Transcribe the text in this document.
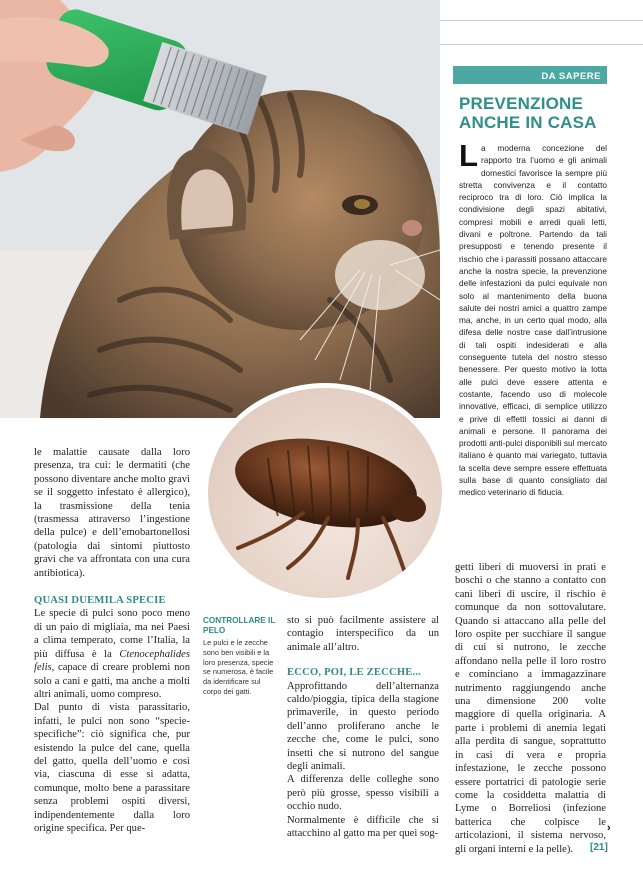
DA SAPERE
PREVENZIONE
ANCHE IN CASA
La moderna concezione del rapporto tra l’uomo e gli animali domestici favorisce la sempre più stretta convivenza e il contatto reciproco tra di loro. Ciò implica la condivisione degli spazi abitativi, compresi mobili e arredi quali letti, divani e poltrone. Partendo da tali presupposti e tenendo presente il rischio che i parassiti possano attaccare anche la nostra specie, la prevenzione delle infestazioni da pulci equivale non solo al mantenimento della buona salute dei nostri amici a quattro zampe ma, anche, in un certo qual modo, alla difesa delle nostre case dall’intrusione di tali ospiti indesiderati e alla conseguente tutela del nostro stesso benessere. Per questo motivo la lotta alle pulci deve essere attenta e costante, facendo uso di molecole innovative, efficaci, di semplice utilizzo e prive di effetti tossici ai danni di animali e persone. Il panorama dei prodotti anti-pulci disponibili sul mercato italiano è quanto mai variegato, tuttavia la scelta deve sempre essere effettuata sulla base di quanto consigliato dal medico veterinario di fiducia.

le malattie causate dalla loro presenza, tra cui: le dermatiti (che possono diventare anche molto gravi se il soggetto infestato è allergico), la trasmissione della tenia (trasmessa attraverso l’ingestione della pulce) e dell’emobartonellosi (patologia dai sintomi piuttosto gravi che va affrontata con una cura antibiotica).

QUASI DUEMILA SPECIE

Le specie di pulci sono poco meno di un paio di migliaia, ma nei Paesi a clima temperato, come l’Italia, la più diffusa è la Ctenocephalides felis, capace di creare problemi non solo a cani e gatti, ma anche a molti altri animali, uomo compreso.

Dal punto di vista parassitario, infatti, le pulci non sono “specie-specifiche”: ciò significa che, pur esistendo la pulce del cane, quella del gatto, quella dell’uomo e così via, ciascuna di esse si adatta, comunque, molto bene a parassitare senza problemi ospiti diversi, indipendentemente dalla loro origine specifica. Per que-

CONTROLLARE IL PELO
Le pulci e le zecche sono ben visibili e la loro presenza, specie se numerosa, è facile da identificare sul corpo dei gatti.

sto si può facilmente assistere al contagio interspecifico da un animale all’altro.

ECCO, POI, LE ZECCHE...

Approfittando dell’alternanza caldo/pioggia, tipica della stagione primaverile, in questo periodo dell’anno proliferano anche le zecche che, come le pulci, sono insetti che si nutrono del sangue degli animali.

A differenza delle colleghe sono però più grosse, spesso visibili a occhio nudo.

Normalmente è difficile che si attacchino al gatto ma per quei sog-

getti liberi di muoversi in prati e boschi o che stanno a contatto con cani liberi di uscire, il rischio è comunque da non sottovalutare. Quando si attaccano alla pelle del loro ospite per succhiare il sangue di cui si nutrono, le zecche affondano nella pelle il loro rostro e cominciano a immagazzinare nutrimento raggiungendo anche una dimensione 200 volte maggiore di quella originaria. A parte i problemi di anemia legati alla perdita di sangue, soprattutto in casi di vera e propria infestazione, le zecche possono essere portatrici di patologie serie come la cosiddetta malattia di Lyme o Borreliosi (infezione batterica che colpisce le articolazioni, il sistema nervoso, gli organi interni e la pelle).

›
[21]
